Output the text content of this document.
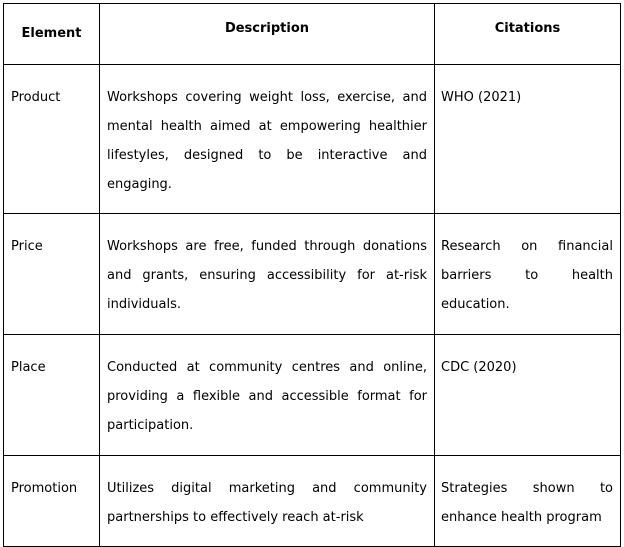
Element	Description	Citations

Product	Workshops covering weight loss, exercise, and mental health aimed at empowering healthier lifestyles, designed to be interactive and engaging.	WHO (2021)

Price	Workshops are free, funded through donations and grants, ensuring accessibility for at-risk individuals.	Research on financial barriers to health education.

Place	Conducted at community centres and online, providing a flexible and accessible format for participation.	CDC (2020)

Promotion	Utilizes digital marketing and community partnerships to effectively reach at-risk	Strategies shown to enhance health program
